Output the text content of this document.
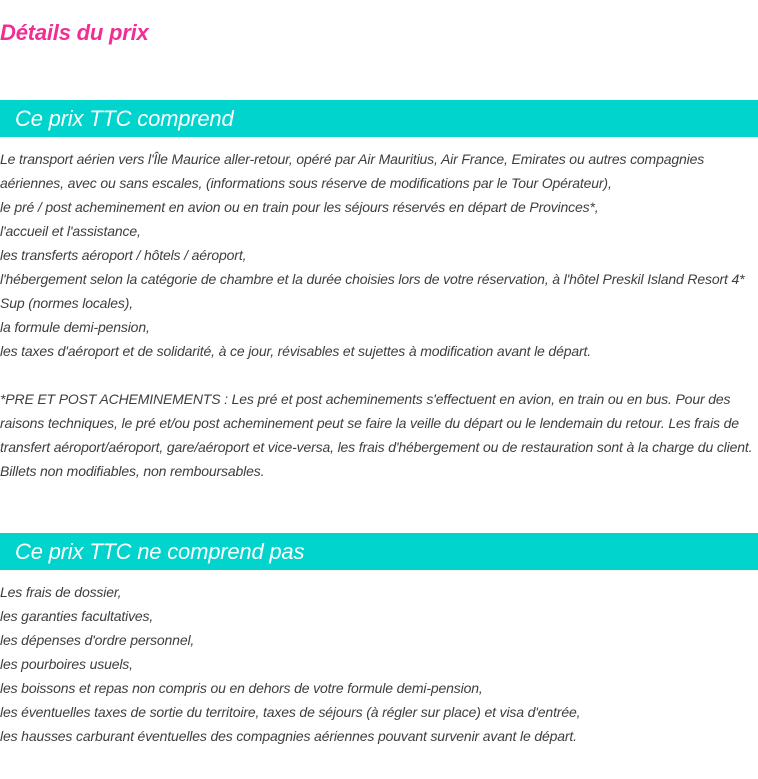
Détails du prix
Ce prix TTC comprend
Le transport aérien vers l'Île Maurice aller-retour, opéré par Air Mauritius, Air France, Emirates ou autres compagnies aériennes, avec ou sans escales, (informations sous réserve de modifications par le Tour Opérateur),
le pré / post acheminement en avion ou en train pour les séjours réservés en départ de Provinces*,
l'accueil et l'assistance,
les transferts aéroport / hôtels / aéroport,
l'hébergement selon la catégorie de chambre et la durée choisies lors de votre réservation, à l'hôtel Preskil Island Resort 4* Sup (normes locales),
la formule demi-pension,
les taxes d'aéroport et de solidarité, à ce jour, révisables et sujettes à modification avant le départ.
*PRE ET POST ACHEMINEMENTS : Les pré et post acheminements s'effectuent en avion, en train ou en bus. Pour des raisons techniques, le pré et/ou post acheminement peut se faire la veille du départ ou le lendemain du retour. Les frais de transfert aéroport/aéroport, gare/aéroport et vice-versa, les frais d'hébergement ou de restauration sont à la charge du client. Billets non modifiables, non remboursables.
Ce prix TTC ne comprend pas
Les frais de dossier,
les garanties facultatives,
les dépenses d'ordre personnel,
les pourboires usuels,
les boissons et repas non compris ou en dehors de votre formule demi-pension,
les éventuelles taxes de sortie du territoire, taxes de séjours (à régler sur place) et visa d'entrée,
les hausses carburant éventuelles des compagnies aériennes pouvant survenir avant le départ.
